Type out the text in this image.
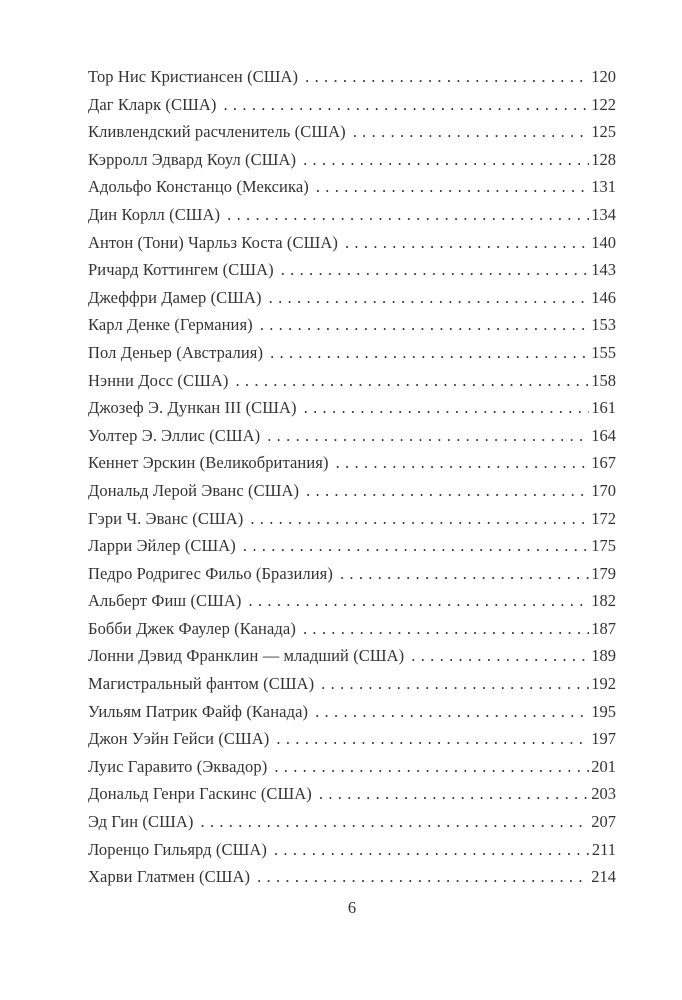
Тор Нис Кристиансен (США) . . .	120
Даг Кларк (США) . . .	122
Кливлендский расчленитель (США) . . .	125
Кэрролл Эдвард Коул (США) . . .	128
Адольфо Констанцо (Мексика) . . .	131
Дин Корлл (США) . . .	134
Антон (Тони) Чарльз Коста (США) . . .	140
Ричард Коттингем (США) . . .	143
Джеффри Дамер (США) . . .	146
Карл Денке (Германия) . . .	153
Пол Деньер (Австралия) . . .	155
Нэнни Досс (США) . . .	158
Джозеф Э. Дункан III (США) . . .	161
Уолтер Э. Эллис (США) . . .	164
Кеннет Эрскин (Великобритания) . . .	167
Дональд Лерой Эванс (США) . . .	170
Гэри Ч. Эванс (США) . . .	172
Ларри Эйлер (США) . . .	175
Педро Родригес Фильо (Бразилия) . . .	179
Альберт Фиш (США) . . .	182
Бобби Джек Фаулер (Канада) . . .	187
Лонни Дэвид Франклин — младший (США) . . .	189
Магистральный фантом (США) . . .	192
Уильям Патрик Файф (Канада) . . .	195
Джон Уэйн Гейси (США) . . .	197
Луис Гаравито (Эквадор) . . .	201
Дональд Генри Гаскинс (США) . . .	203
Эд Гин (США) . . .	207
Лоренцо Гильярд (США) . . .	211
Харви Глатмен (США) . . .	214
6
